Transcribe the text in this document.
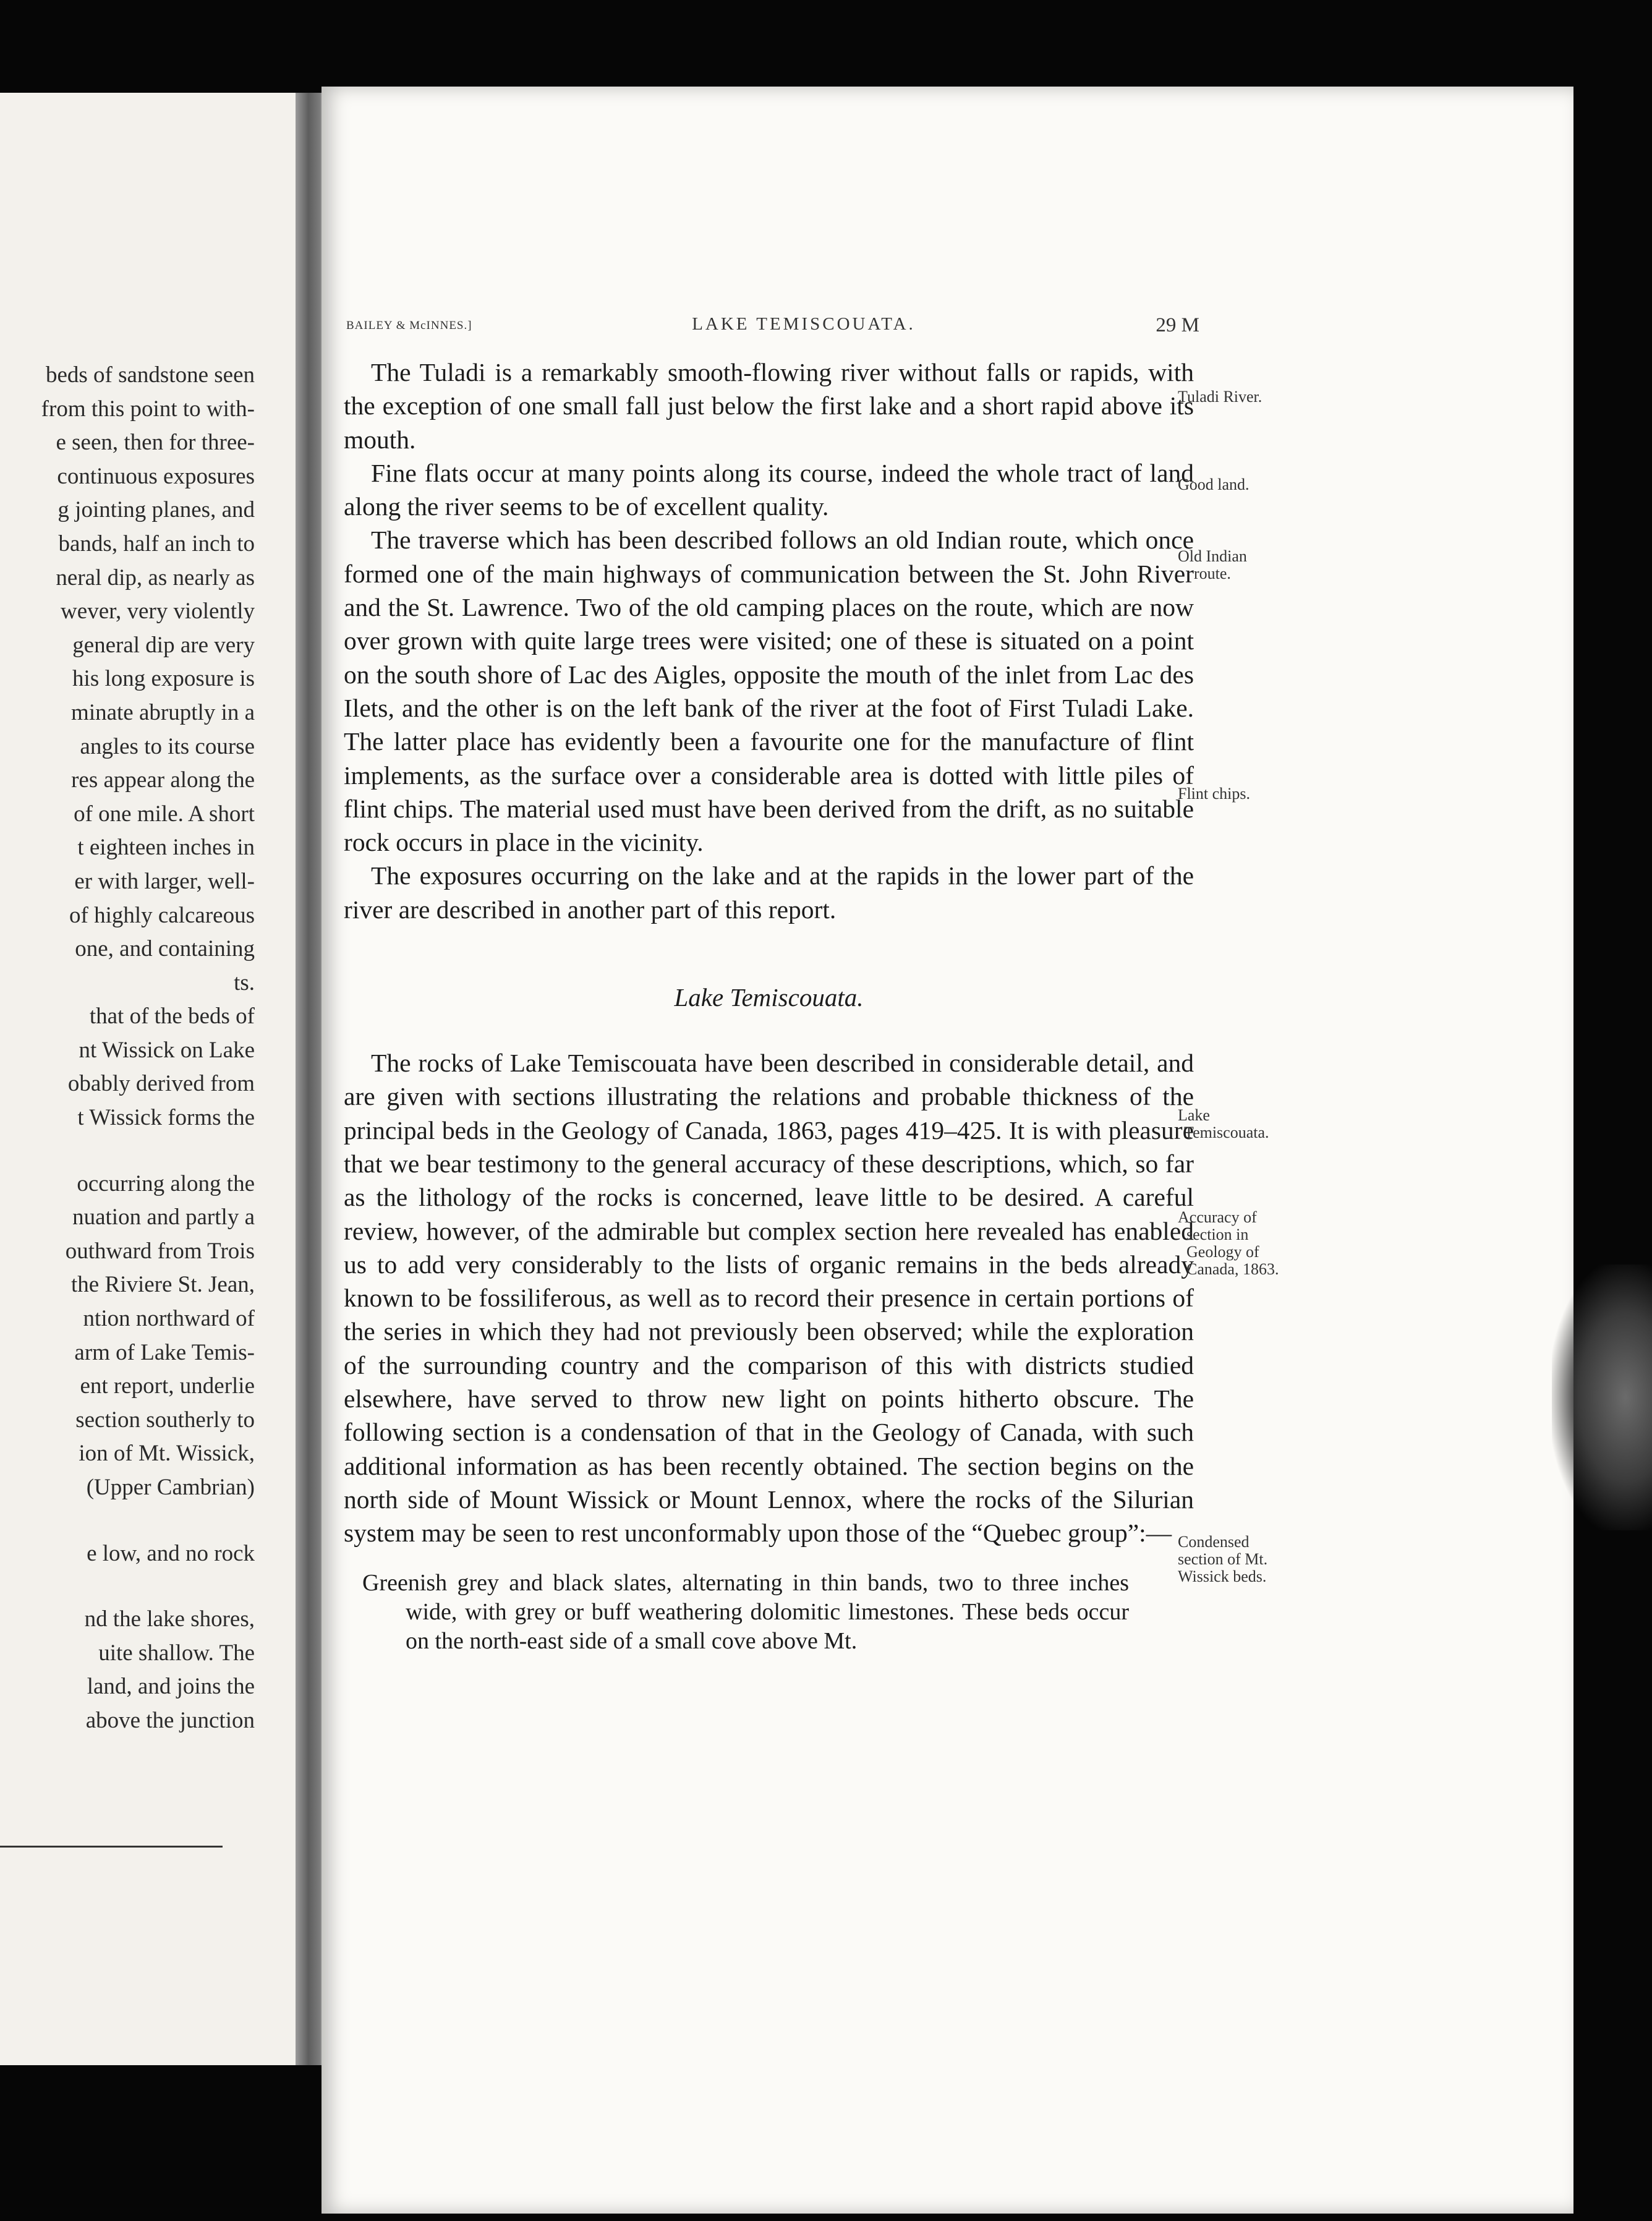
beds of sandstone seen
from this point to with-
e seen, then for three-
continuous exposures
g jointing planes, and
bands, half an inch to
neral dip, as nearly as
wever, very violently
general dip are very
his long exposure is
minate abruptly in a
angles to its course
res appear along the
of one mile. A short
t eighteen inches in
er with larger, well-
of highly calcareous
one, and containing
ts.
that of the beds of
nt Wissick on Lake
obably derived from
t Wissick forms the
occurring along the
nuation and partly a
outhward from Trois
the Riviere St. Jean,
ntion northward of
arm of Lake Temis-
ent report, underlie
section southerly to
ion of Mt. Wissick,
(Upper Cambrian)
e low, and no rock
nd the lake shores,
uite shallow. The
land, and joins the
above the junction
BAILEY & McINNES.]	LAKE TEMISCOUATA.	29 M

The Tuladi is a remarkably smooth-flowing river without falls or rapids, with the exception of one small fall just below the first lake and a short rapid above its mouth.

Fine flats occur at many points along its course, indeed the whole tract of land along the river seems to be of excellent quality.

The traverse which has been described follows an old Indian route, which once formed one of the main highways of communication between the St. John River and the St. Lawrence. Two of the old camping places on the route, which are now over grown with quite large trees were visited; one of these is situated on a point on the south shore of Lac des Aigles, opposite the mouth of the inlet from Lac des Ilets, and the other is on the left bank of the river at the foot of First Tuladi Lake. The latter place has evidently been a favourite one for the manufacture of flint implements, as the surface over a considerable area is dotted with little piles of flint chips. The material used must have been derived from the drift, as no suitable rock occurs in place in the vicinity.

The exposures occurring on the lake and at the rapids in the lower part of the river are described in another part of this report.

Lake Temiscouata.

The rocks of Lake Temiscouata have been described in considerable detail, and are given with sections illustrating the relations and probable thickness of the principal beds in the Geology of Canada, 1863, pages 419–425. It is with pleasure that we bear testimony to the general accuracy of these descriptions, which, so far as the lithology of the rocks is concerned, leave little to be desired. A careful review, however, of the admirable but complex section here revealed has enabled us to add very considerably to the lists of organic remains in the beds already known to be fossiliferous, as well as to record their presence in certain portions of the series in which they had not previously been observed; while the exploration of the surrounding country and the comparison of this with districts studied elsewhere, have served to throw new light on points hitherto obscure. The following section is a condensation of that in the Geology of Canada, with such additional information as has been recently obtained. The section begins on the north side of Mount Wissick or Mount Lennox, where the rocks of the Silurian system may be seen to rest unconformably upon those of the “Quebec group”:—

Greenish grey and black slates, alternating in thin bands, two to three inches wide, with grey or buff weathering dolomitic limestones. These beds occur on the north-east side of a small cove above Mt.
Tuladi River.
Good land.
Old Indian
route.
Flint chips.
Lake
Temiscouata.
Accuracy of
section in
Geology of
Canada, 1863.
Condensed
section of Mt.
Wissick beds.
